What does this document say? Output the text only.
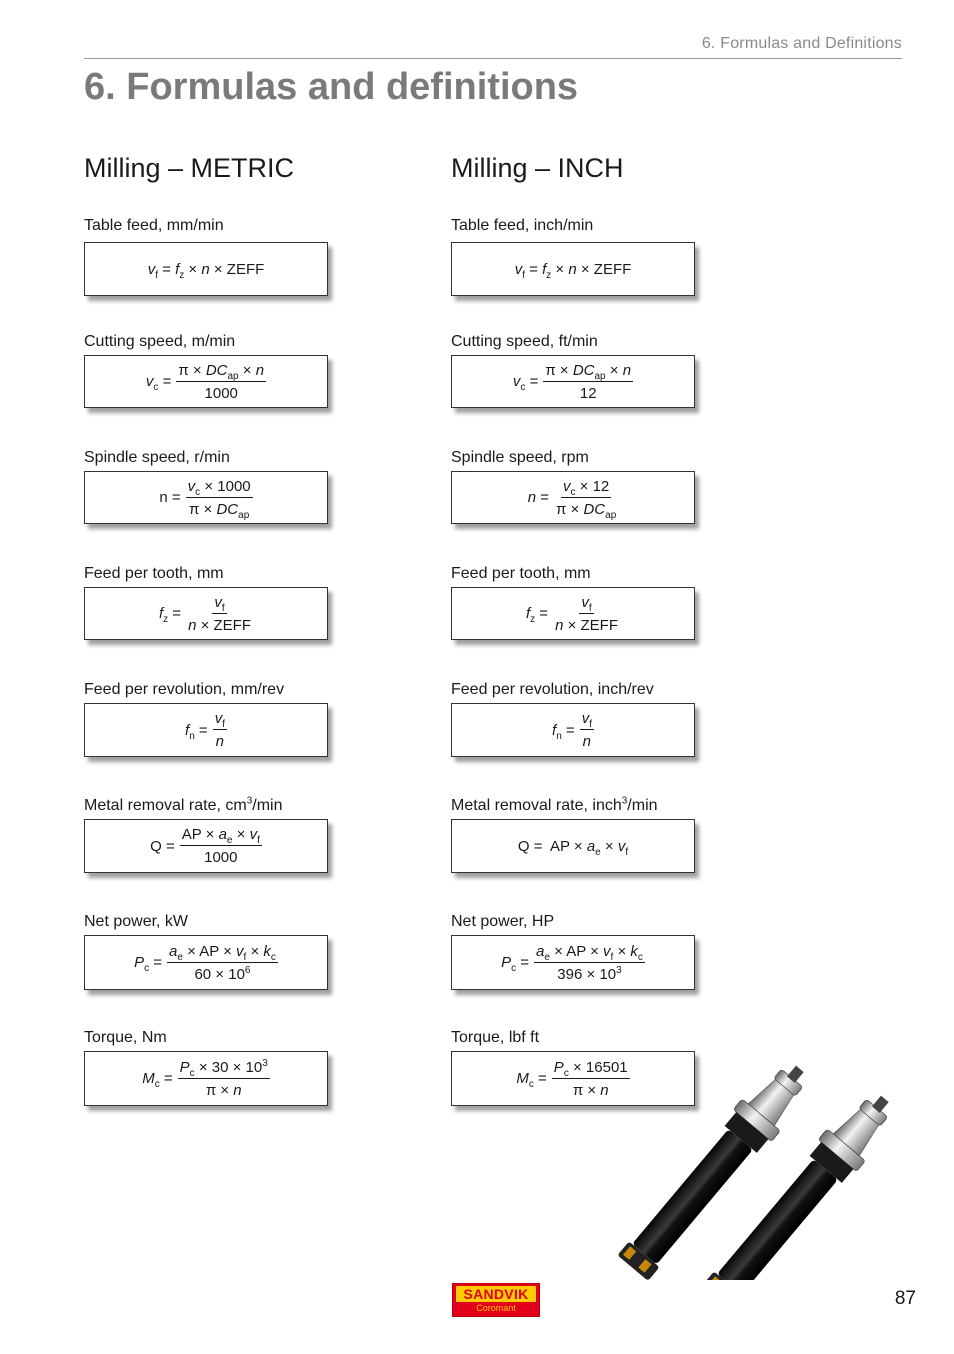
6. Formulas and Definitions
6. Formulas and definitions
Milling – METRIC	Milling – INCH
Table feed, mm/min
$v_f = f_z \times n$ × ZEFF
Cutting speed, m/min
$v_c = \frac{\pi \times DC_{ap} \times n}{1000}$
Spindle speed, r/min
$n = \frac{v_c \times 1000}{\pi \times DC_{ap}}$
Feed per tooth, mm
$f_z = \frac{v_f}{\text{n × ZEFF}}$
Feed per revolution, mm/rev
$f_n = \frac{v_f}{n}$
Metal removal rate, $cm^3/\min$
$Q = \frac{AP \times a_e \times v_f}{1000}$
Net power, kW
$P_c = \frac{a_e \times AP \times v_f \times k_c}{60 \times 10^6}$
Torque, Nm
$M_c = \frac{P_c \times 30 \times 10^3}{\pi \times n}$
Table feed, inch/min
$v_f = f_z \times n$ × ZEFF
Cutting speed, ft/min
$v_c = \frac{\pi \times DC_{ap} \times n}{12}$
Spindle speed, rpm
$n = \frac{v_c \times 12}{\pi \times DC_{ap}}$
Feed per tooth, mm
$f_z = \frac{v_f}{\text{n × ZEFF}}$
Feed per revolution, inch/rev
$f_n = \frac{v_f}{n}$
Metal removal rate, inch$^3$/min
Q =  AP × $a_e \times v_f$
Net power, HP
$P_c = \frac{a_e \times AP \times v_f \times k_c}{396 \times 10^3}$
Torque, lbf ft
$M_c = \frac{P_c \times 16501}{\pi \times n}$
SANDVIK
Coromant	87
